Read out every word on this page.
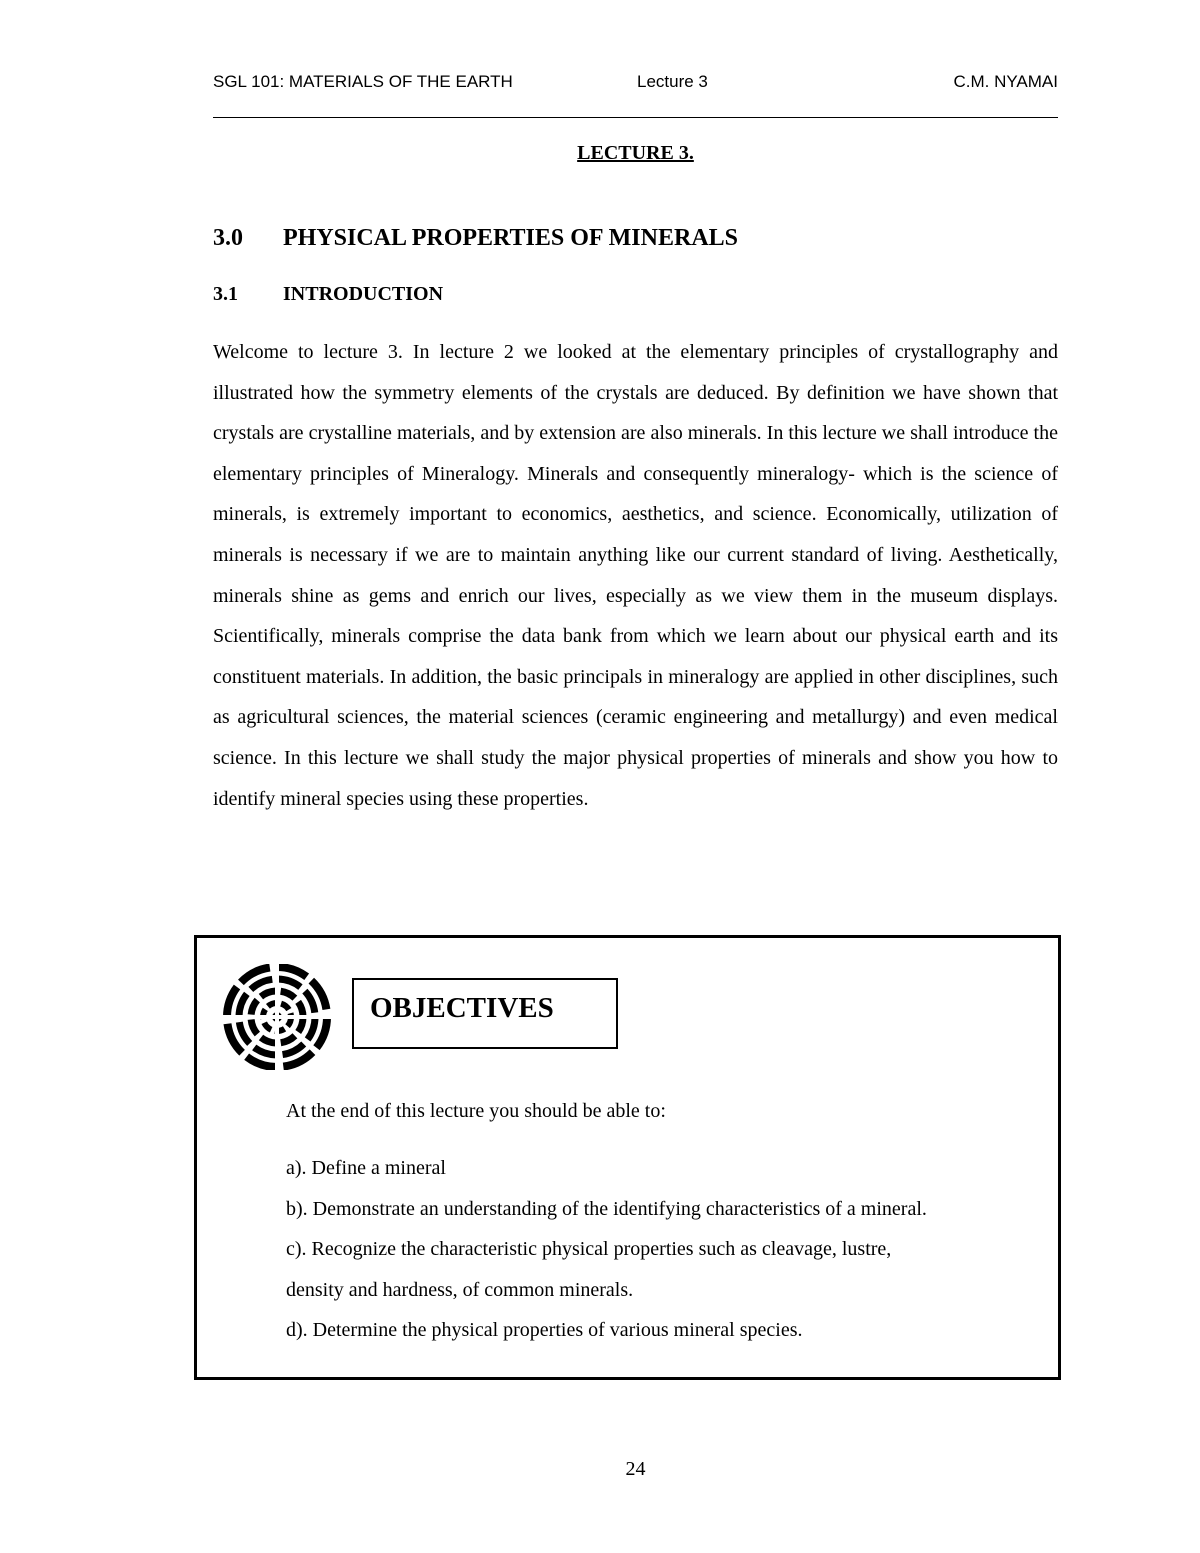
SGL 101: MATERIALS OF THE EARTH	Lecture 3	C.M. NYAMAI
LECTURE 3.
3.0 PHYSICAL PROPERTIES OF MINERALS
3.1 INTRODUCTION

Welcome to lecture 3. In lecture 2 we looked at the elementary principles of crystallography and illustrated how the symmetry elements of the crystals are deduced. By definition we have shown that crystals are crystalline materials, and by extension are also minerals. In this lecture we shall introduce the elementary principles of Mineralogy. Minerals and consequently mineralogy- which is the science of minerals, is extremely important to economics, aesthetics, and science. Economically, utilization of minerals is necessary if we are to maintain anything like our current standard of living. Aesthetically, minerals shine as gems and enrich our lives, especially as we view them in the museum displays. Scientifically, minerals comprise the data bank from which we learn about our physical earth and its constituent materials. In addition, the basic principals in mineralogy are applied in other disciplines, such as agricultural sciences, the material sciences (ceramic engineering and metallurgy) and even medical science. In this lecture we shall study the major physical properties of minerals and show you how to identify mineral species using these properties.

OBJECTIVES
At the end of this lecture you should be able to:
a). Define a mineral
b). Demonstrate an understanding of the identifying characteristics of a mineral.
c). Recognize the characteristic physical properties such as cleavage, lustre,
density and hardness, of common minerals.
d). Determine the physical properties of various mineral species.
24
